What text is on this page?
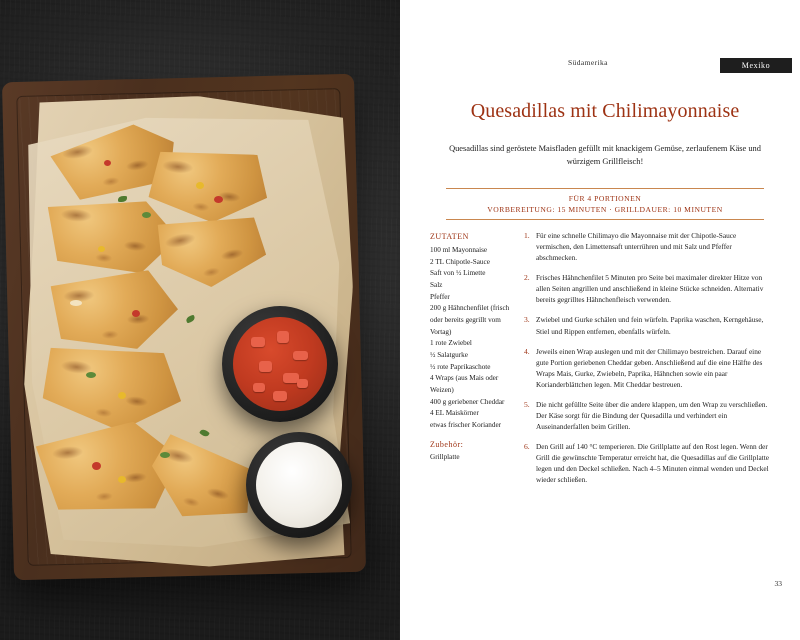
Südamerika	Mexiko
Quesadillas mit Chilimayonnaise
Quesadillas sind geröstete Maisfladen gefüllt mit knackigem Gemüse, zerlaufenem Käse und würzigem Grillfleisch!
FÜR 4 PORTIONEN
VORBEREITUNG: 15 MINUTEN · GRILLDAUER: 10 MINUTEN
ZUTATEN
100 ml Mayonnaise
2 TL Chipotle-Sauce
Saft von ½ Limette
Salz
Pfeffer
200 g Hähnchenfilet (frisch oder bereits gegrillt vom Vortag)
1 rote Zwiebel
½ Salatgurke
½ rote Paprikaschote
4 Wraps (aus Mais oder Weizen)
400 g geriebener Cheddar
4 EL Maiskörner
etwas frischer Koriander
Zubehör:
Grillplatte
1. Für eine schnelle Chilimayo die Mayonnaise mit der Chipotle-Sauce vermischen, den Limettensaft unterrühren und mit Salz und Pfeffer abschmecken.
2. Frisches Hähnchenfilet 5 Minuten pro Seite bei maximaler direkter Hitze von allen Seiten angrillen und anschließend in kleine Stücke schneiden. Alternativ bereits gegrilltes Hähnchenfleisch verwenden.
3. Zwiebel und Gurke schälen und fein würfeln. Paprika waschen, Kerngehäuse, Stiel und Rippen entfernen, ebenfalls würfeln.
4. Jeweils einen Wrap auslegen und mit der Chilimayo bestreichen. Darauf eine gute Portion geriebenen Cheddar geben. Anschließend auf die eine Hälfte des Wraps Mais, Gurke, Zwiebeln, Paprika, Hähnchen sowie ein paar Korianderblättchen legen. Mit Cheddar bestreuen.
5. Die nicht gefüllte Seite über die andere klappen, um den Wrap zu verschließen. Der Käse sorgt für die Bindung der Quesadilla und verhindert ein Auseinanderfallen beim Grillen.
6. Den Grill auf 140 °C temperieren. Die Grillplatte auf den Rost legen. Wenn der Grill die gewünschte Temperatur erreicht hat, die Quesadillas auf die Grillplatte legen und den Deckel schließen. Nach 4–5 Minuten einmal wenden und Deckel wieder schließen.
33
